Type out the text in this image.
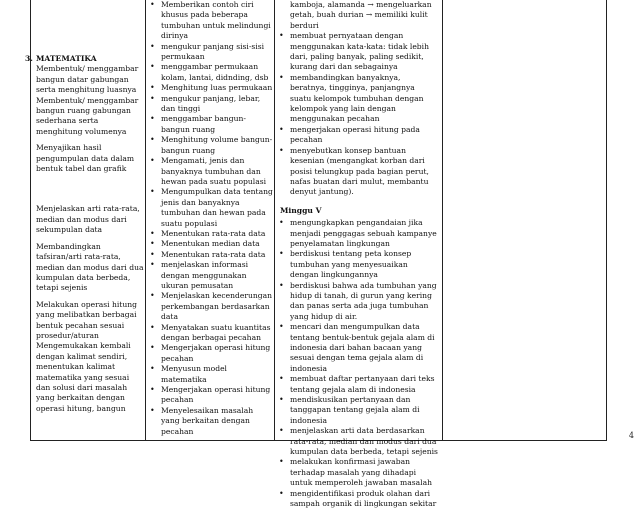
3. MATEMATIKA

Membentuk/ menggambar bangun datar gabungan serta menghitung luasnya

Membentuk/ menggambar bangun ruang gabungan sederhana serta menghitung volumenya

Menyajikan hasil pengumpulan data dalam bentuk tabel dan grafik

Menjelaskan arti rata-rata, median dan modus dari sekumpulan data

Membandingkan tafsiran/arti rata-rata, median dan modus dari dua kumpulan data berbeda, tetapi sejenis

Melakukan operasi hitung yang melibatkan berbagai bentuk pecahan sesuai prosedur/aturan

Mengemukakan kembali dengan kalimat sendiri, menentukan kalimat matematika yang sesuai dan solusi dari masalah yang berkaitan dengan operasi hitung, bangun

• Memberikan contoh ciri khusus pada beberapa tumbuhan untuk melindungi dirinya
• mengukur panjang sisi-sisi permukaan
• menggambar permukaan kolam, lantai, didnding, dsb
• Menghitung luas permukaan
• mengukur panjang, lebar, dan tinggi
• menggambar bangun-bangun ruang
• Menghitung volume bangun-bangun ruang
• Mengamati, jenis dan banyaknya tumbuhan dan hewan pada suatu populasi
• Mengumpulkan data tentang jenis dan banyaknya tumbuhan dan hewan pada suatu populasi
• Menentukan rata-rata data
• Menentukan median data
• Menentukan rata-rata data
• menjelaskan informasi dengan menggunakan ukuran pemusatan
• Menjelaskan kecenderungan perkembangan berdasarkan data
• Menyatakan suatu kuantitas dengan berbagai pecahan
• Mengerjakan operasi hitung pecahan
• Menyusun model matematika
• Mengerjakan operasi hitung pecahan
• Menyelesaikan masalah yang berkaitan dengan pecahan

kamboja, alamanda → mengeluarkan getah, buah durian → memiliki kulit berduri

• membuat pernyataan dengan menggunakan kata-kata: tidak lebih dari, paling banyak, paling sedikit, kurang dari dan sebagainya
• membandingkan banyaknya, beratnya, tingginya, panjangnya suatu kelompok tumbuhan dengan kelompok yang lain dengan menggunakan pecahan
• mengerjakan operasi hitung pada pecahan
• menyebutkan konsep bantuan kesenian (mengangkat korban dari posisi telungkup pada bagian perut, nafas buatan dari mulut, membantu denyut jantung).
Minggu V
• mengungkapkan pengandaian jika menjadi penggagas sebuah kampanye penyelamatan lingkungan
• berdiskusi tentang peta konsep tumbuhan yang menyesuaikan dengan lingkungannya
• berdiskusi bahwa ada tumbuhan yang hidup di tanah, di gurun yang kering dan panas serta ada juga tumbuhan yang hidup di air.
• mencari dan mengumpulkan data tentang bentuk-bentuk gejala alam di indonesia dari bahan bacaan yang sesuai dengan tema gejala alam di indonesia
• membuat daftar pertanyaan dari teks tentang gejala alam di indonesia
• mendiskusikan pertanyaan dan tanggapan tentang gejala alam di indonesia
• menjelaskan arti data berdasarkan rata-rata, median dan modus dari dua kumpulan data berbeda, tetapi sejenis
• melakukan konfirmasi jawaban terhadap masalah yang dihadapi untuk memperoleh jawaban masalah
• mengidentifikasi produk olahan dari sampah organik di lingkungan sekitar
4
